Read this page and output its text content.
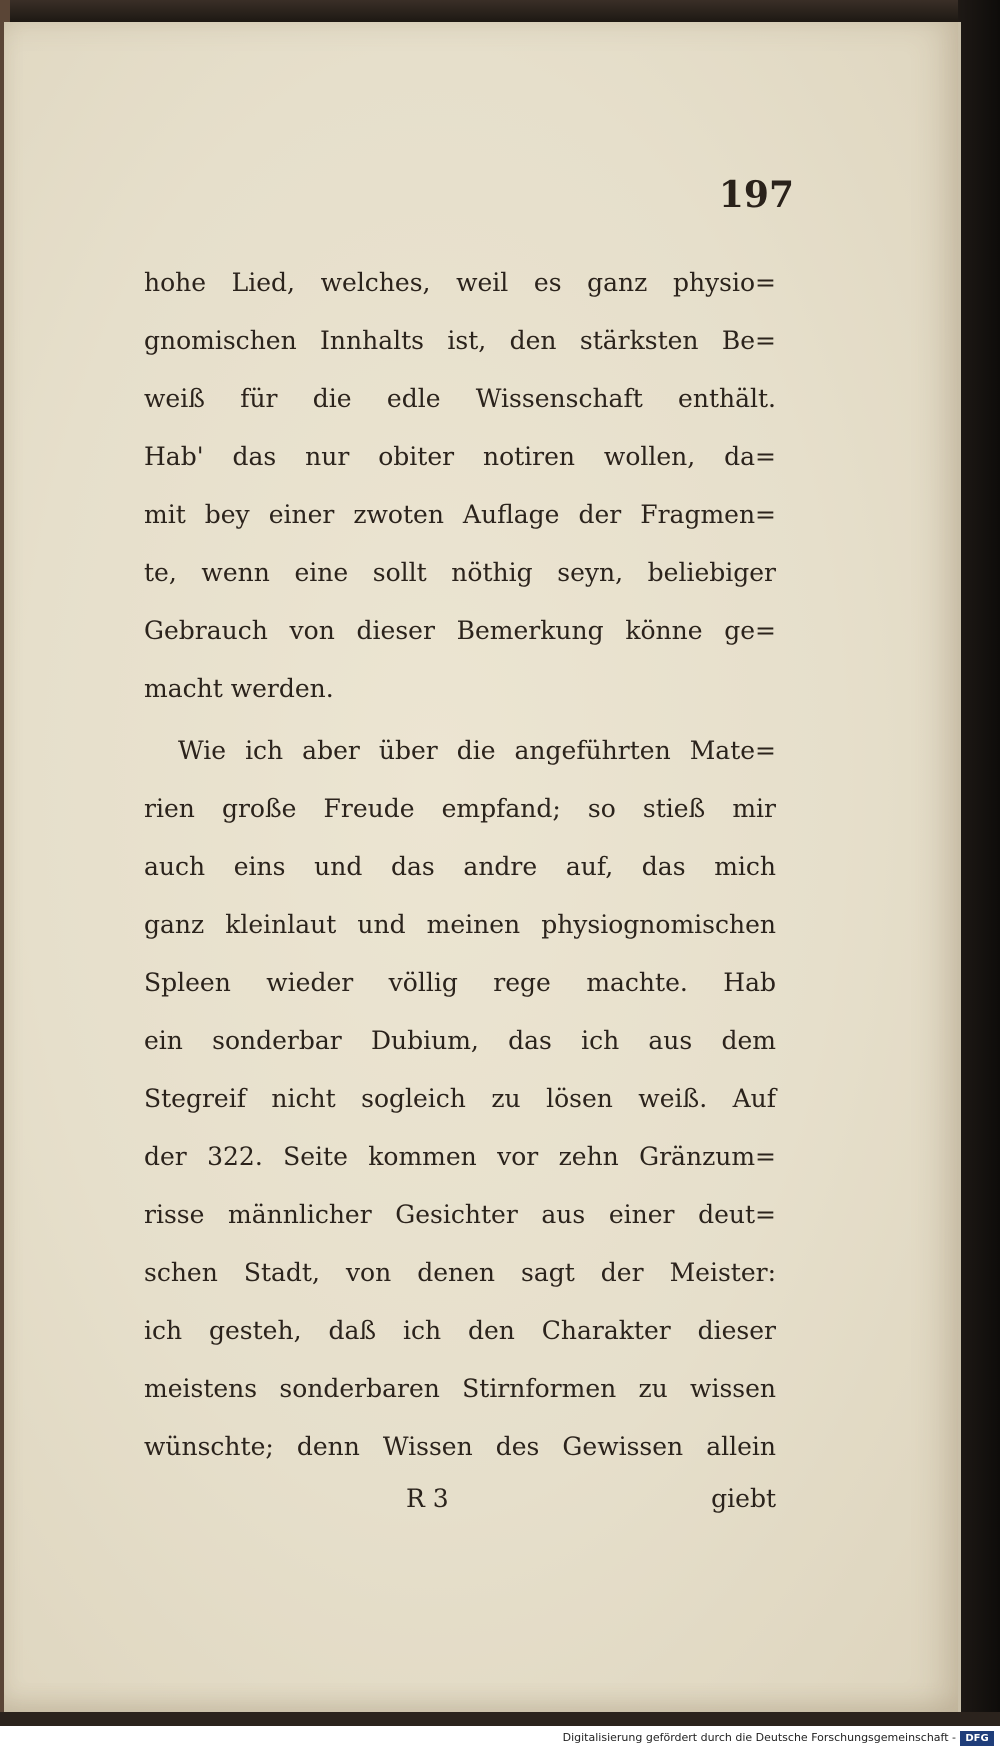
197
hohe Lied, welches, weil es ganz physio=
gnomischen Innhalts ist, den stärksten Be=
weiß für die edle Wissenschaft enthält.
Hab' das nur obiter notiren wollen, da=
mit bey einer zwoten Auflage der Fragmen=
te, wenn eine sollt nöthig seyn, beliebiger
Gebrauch von dieser Bemerkung könne ge=
macht werden.
Wie ich aber über die angeführten Mate=
rien große Freude empfand; so stieß mir
auch eins und das andre auf, das mich
ganz kleinlaut und meinen physiognomischen
Spleen wieder völlig rege machte. Hab
ein sonderbar Dubium, das ich aus dem
Stegreif nicht sogleich zu lösen weiß. Auf
der 322. Seite kommen vor zehn Gränzum=
risse männlicher Gesichter aus einer deut=
schen Stadt, von denen sagt der Meister:
ich gesteh, daß ich den Charakter dieser
meistens sonderbaren Stirnformen zu wissen
wünschte; denn Wissen des Gewissen allein
R 3	giebt
Digitalisierung gefördert durch die Deutsche Forschungsgemeinschaft - DFG
